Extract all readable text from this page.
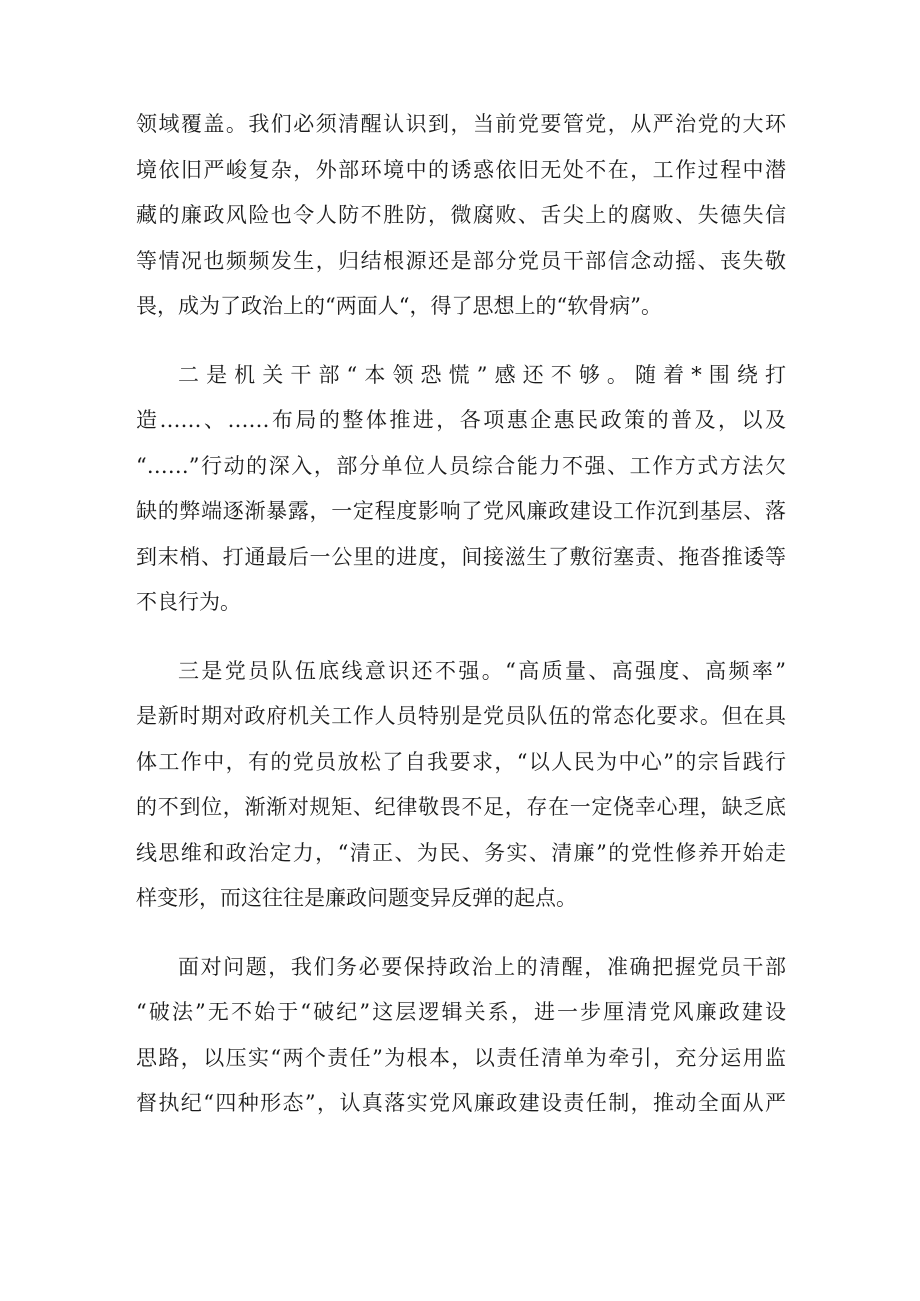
领域覆盖。我们必须清醒认识到，当前党要管党，从严治党的大环
境依旧严峻复杂，外部环境中的诱惑依旧无处不在，工作过程中潜
藏的廉政风险也令人防不胜防，微腐败、舌尖上的腐败、失德失信
等情况也频频发生，归结根源还是部分党员干部信念动摇、丧失敬
畏，成为了政治上的“两面人“，得了思想上的“软骨病”。
二是机关干部“本领恐慌”感还不够。随着*围绕打
造……、……布局的整体推进，各项惠企惠民政策的普及，以及
“……”行动的深入，部分单位人员综合能力不强、工作方式方法欠
缺的弊端逐渐暴露，一定程度影响了党风廉政建设工作沉到基层、落
到末梢、打通最后一公里的进度，间接滋生了敷衍塞责、拖沓推诿等
不良行为。
三是党员队伍底线意识还不强。“高质量、高强度、高频率”
是新时期对政府机关工作人员特别是党员队伍的常态化要求。但在具
体工作中，有的党员放松了自我要求，“以人民为中心”的宗旨践行
的不到位，渐渐对规矩、纪律敬畏不足，存在一定侥幸心理，缺乏底
线思维和政治定力，“清正、为民、务实、清廉”的党性修养开始走
样变形，而这往往是廉政问题变异反弹的起点。
面对问题，我们务必要保持政治上的清醒，准确把握党员干部
“破法”无不始于“破纪”这层逻辑关系，进一步厘清党风廉政建设
思路，以压实“两个责任”为根本，以责任清单为牵引，充分运用监
督执纪“四种形态”，认真落实党风廉政建设责任制，推动全面从严
